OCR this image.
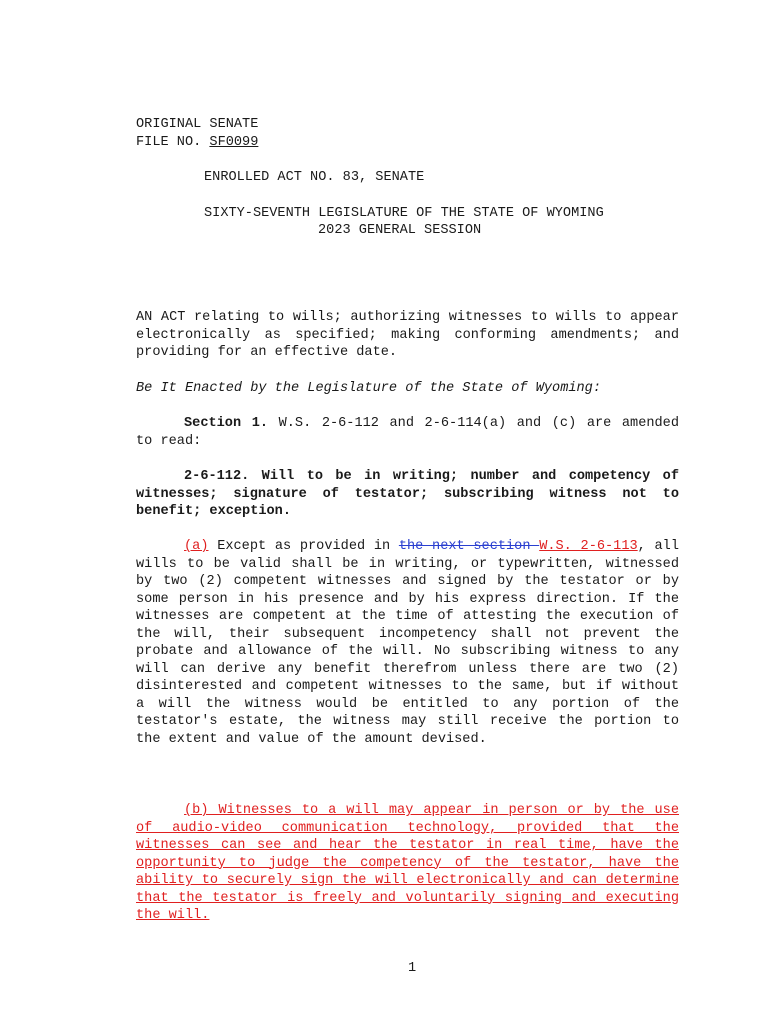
ORIGINAL SENATE
FILE NO. SF0099
ENROLLED ACT NO. 83, SENATE
SIXTY-SEVENTH LEGISLATURE OF THE STATE OF WYOMING
2023 GENERAL SESSION
AN ACT relating to wills; authorizing witnesses to wills to appear electronically as specified; making conforming amendments; and providing for an effective date.
Be It Enacted by the Legislature of the State of Wyoming:
Section 1. W.S. 2-6-112 and 2-6-114(a) and (c) are amended to read:
2-6-112. Will to be in writing; number and competency of witnesses; signature of testator; subscribing witness not to benefit; exception.
(a) Except as provided in the next section W.S. 2-6-113, all wills to be valid shall be in writing, or typewritten, witnessed by two (2) competent witnesses and signed by the testator or by some person in his presence and by his express direction. If the witnesses are competent at the time of attesting the execution of the will, their subsequent incompetency shall not prevent the probate and allowance of the will. No subscribing witness to any will can derive any benefit therefrom unless there are two (2) disinterested and competent witnesses to the same, but if without a will the witness would be entitled to any portion of the testator's estate, the witness may still receive the portion to the extent and value of the amount devised.
(b) Witnesses to a will may appear in person or by the use of audio-video communication technology, provided that the witnesses can see and hear the testator in real time, have the opportunity to judge the competency of the testator, have the ability to securely sign the will electronically and can determine that the testator is freely and voluntarily signing and executing the will.
1
